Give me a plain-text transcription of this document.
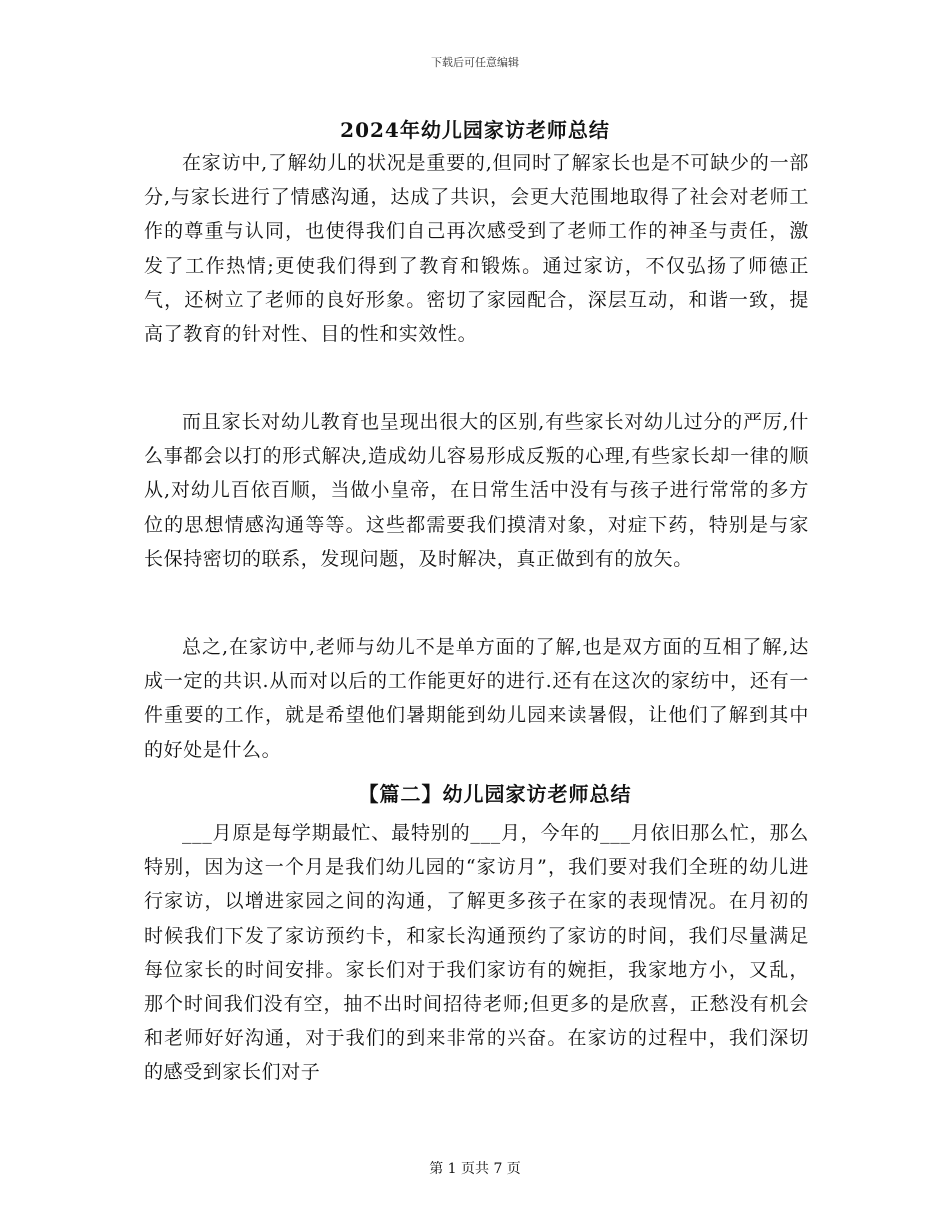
下载后可任意编辑
2024年幼儿园家访老师总结

在家访中,了解幼儿的状况是重要的,但同时了解家长也是不可缺少的一部分,与家长进行了情感沟通，达成了共识，会更大范围地取得了社会对老师工作的尊重与认同，也使得我们自己再次感受到了老师工作的神圣与责任，激发了工作热情;更使我们得到了教育和锻炼。通过家访，不仅弘扬了师德正气，还树立了老师的良好形象。密切了家园配合，深层互动，和谐一致，提高了教育的针对性、目的性和实效性。

而且家长对幼儿教育也呈现出很大的区别,有些家长对幼儿过分的严厉,什么事都会以打的形式解决,造成幼儿容易形成反叛的心理,有些家长却一律的顺从,对幼儿百依百顺，当做小皇帝，在日常生活中没有与孩子进行常常的多方位的思想情感沟通等等。这些都需要我们摸清对象，对症下药，特别是与家长保持密切的联系，发现问题，及时解决，真正做到有的放矢。

总之,在家访中,老师与幼儿不是单方面的了解,也是双方面的互相了解,达成一定的共识.从而对以后的工作能更好的进行.还有在这次的家纺中，还有一件重要的工作，就是希望他们暑期能到幼儿园来读暑假，让他们了解到其中的好处是什么。

【篇二】幼儿园家访老师总结

___月原是每学期最忙、最特别的___月，今年的___月依旧那么忙，那么特别，因为这一个月是我们幼儿园的“家访月”，我们要对我们全班的幼儿进行家访，以增进家园之间的沟通，了解更多孩子在家的表现情况。在月初的时候我们下发了家访预约卡，和家长沟通预约了家访的时间，我们尽量满足每位家长的时间安排。家长们对于我们家访有的婉拒，我家地方小，又乱，那个时间我们没有空，抽不出时间招待老师;但更多的是欣喜，正愁没有机会和老师好好沟通，对于我们的到来非常的兴奋。在家访的过程中，我们深切的感受到家长们对子

第 1 页共 7 页
